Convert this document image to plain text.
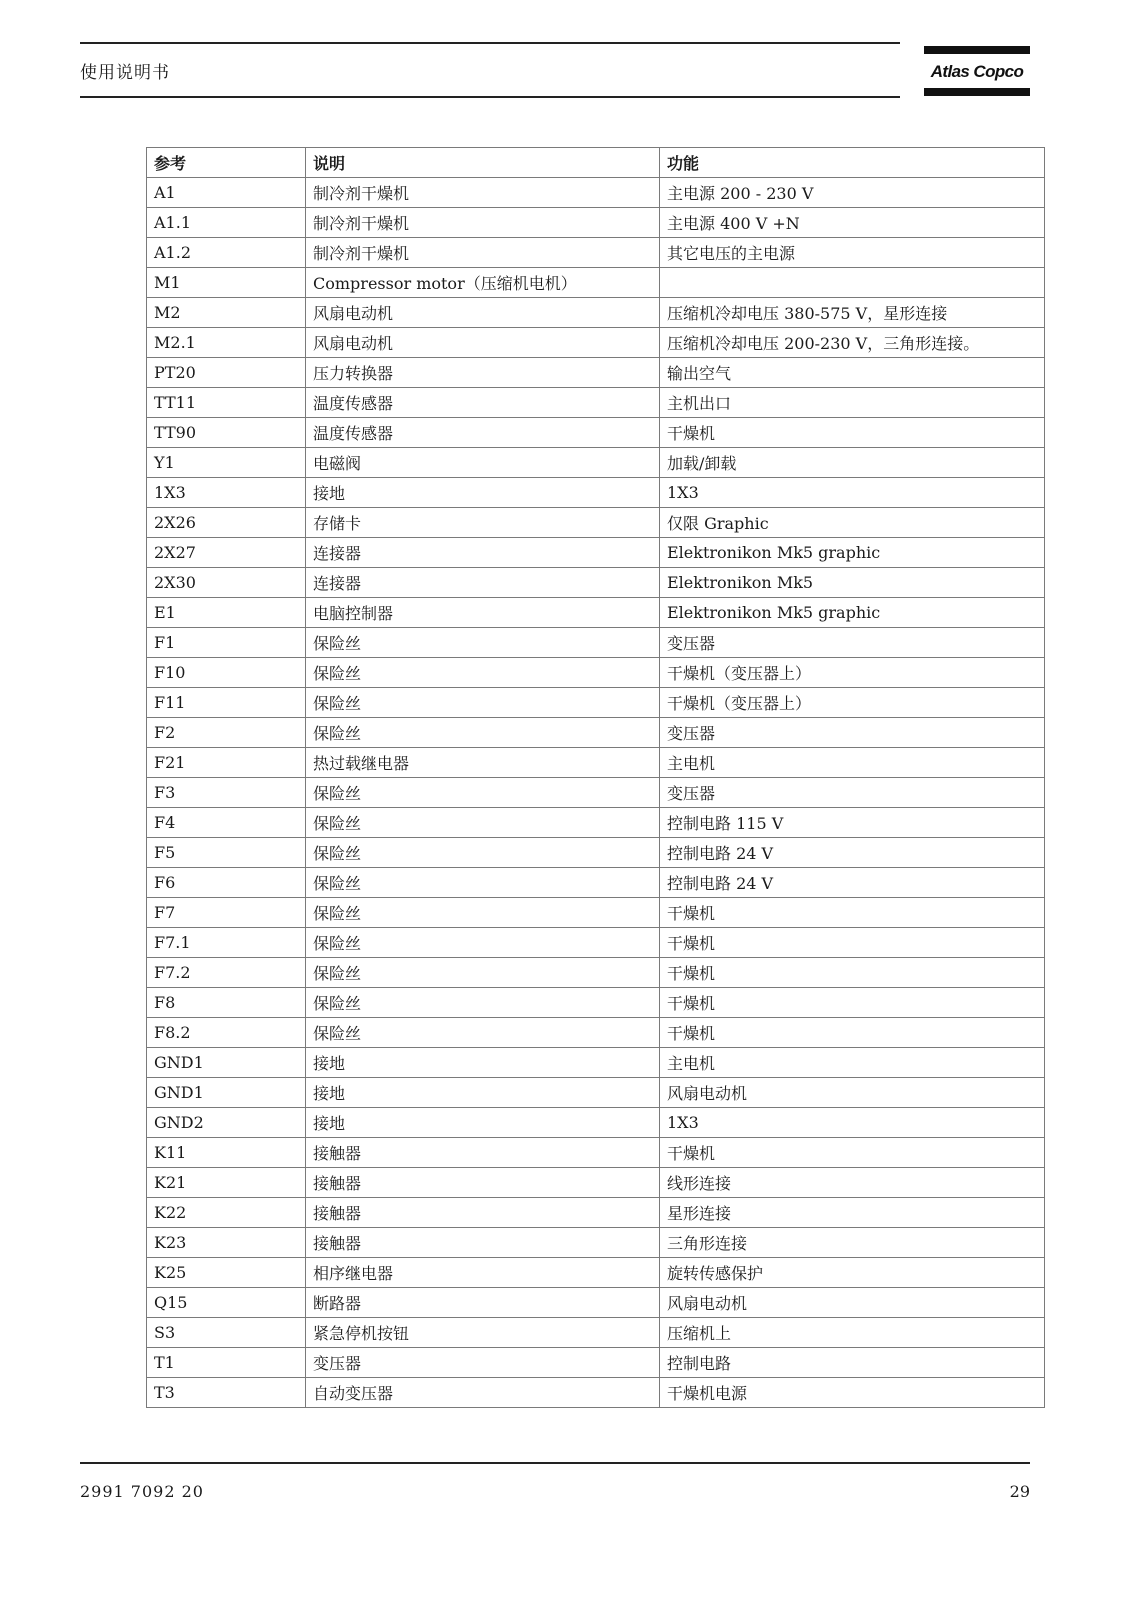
使用说明书	Atlas Copco
参考	说明	功能
A1	制冷剂干燥机	主电源 200 - 230 V
A1.1	制冷剂干燥机	主电源 400 V +N
A1.2	制冷剂干燥机	其它电压的主电源
M1	Compressor motor（压缩机电机）	
M2	风扇电动机	压缩机冷却电压 380-575 V，星形连接
M2.1	风扇电动机	压缩机冷却电压 200-230 V，三角形连接。
PT20	压力转换器	输出空气
TT11	温度传感器	主机出口
TT90	温度传感器	干燥机
Y1	电磁阀	加载/卸载
1X3	接地	1X3
2X26	存储卡	仅限 Graphic
2X27	连接器	Elektronikon Mk5 graphic
2X30	连接器	Elektronikon Mk5
E1	电脑控制器	Elektronikon Mk5 graphic
F1	保险丝	变压器
F10	保险丝	干燥机（变压器上）
F11	保险丝	干燥机（变压器上）
F2	保险丝	变压器
F21	热过载继电器	主电机
F3	保险丝	变压器
F4	保险丝	控制电路 115 V
F5	保险丝	控制电路 24 V
F6	保险丝	控制电路 24 V
F7	保险丝	干燥机
F7.1	保险丝	干燥机
F7.2	保险丝	干燥机
F8	保险丝	干燥机
F8.2	保险丝	干燥机
GND1	接地	主电机
GND1	接地	风扇电动机
GND2	接地	1X3
K11	接触器	干燥机
K21	接触器	线形连接
K22	接触器	星形连接
K23	接触器	三角形连接
K25	相序继电器	旋转传感保护
Q15	断路器	风扇电动机
S3	紧急停机按钮	压缩机上
T1	变压器	控制电路
T3	自动变压器	干燥机电源
2991 7092 20	29
